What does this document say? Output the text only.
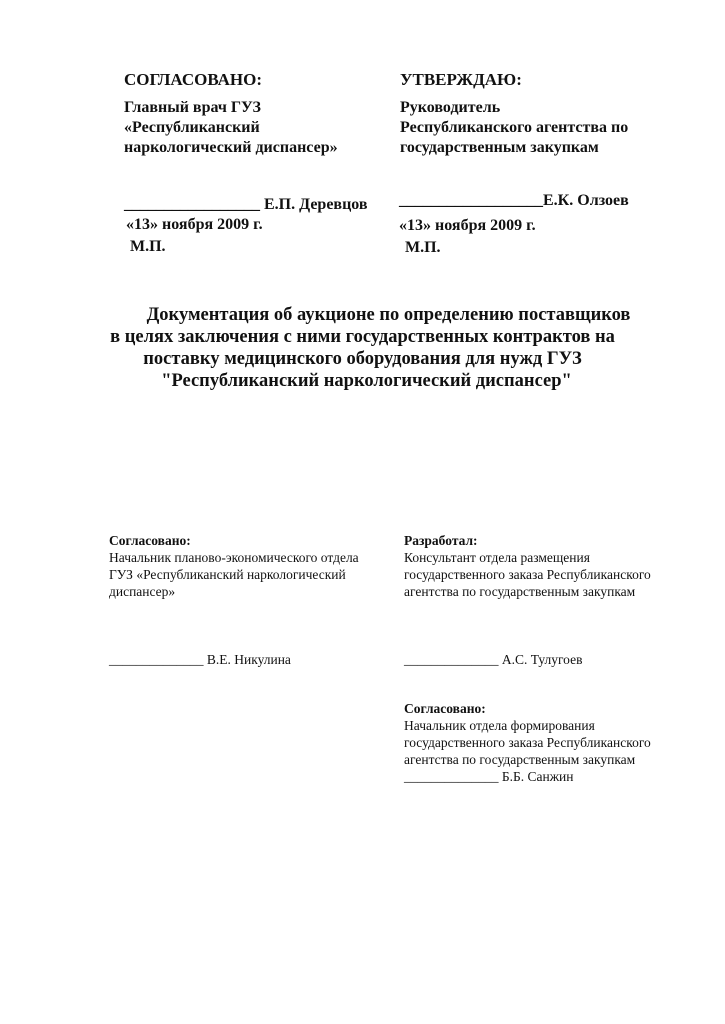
СОГЛАСОВАНО:
Главный врач ГУЗ
«Республиканский
наркологический диспансер»
_________________ Е.П. Деревцов
«13» ноября 2009 г.
М.П.
УТВЕРЖДАЮ:
Руководитель
Республиканского агентства по
государственным закупкам
__________________Е.К. Олзоев
«13» ноября 2009 г.
М.П.
Документация об аукционе по определению поставщиков
в целях заключения с ними государственных контрактов на
поставку медицинского оборудования для нужд ГУЗ
"Республиканский наркологический диспансер"
Согласовано:
Начальник планово-экономического отдела
ГУЗ «Республиканский наркологический
диспансер»
______________ В.Е. Никулина
Разработал:
Консультант отдела размещения
государственного заказа Республиканского
агентства по государственным закупкам
______________ А.С. Тулугоев
Согласовано:
Начальник отдела формирования
государственного заказа Республиканского
агентства по государственным закупкам
______________ Б.Б. Санжин
